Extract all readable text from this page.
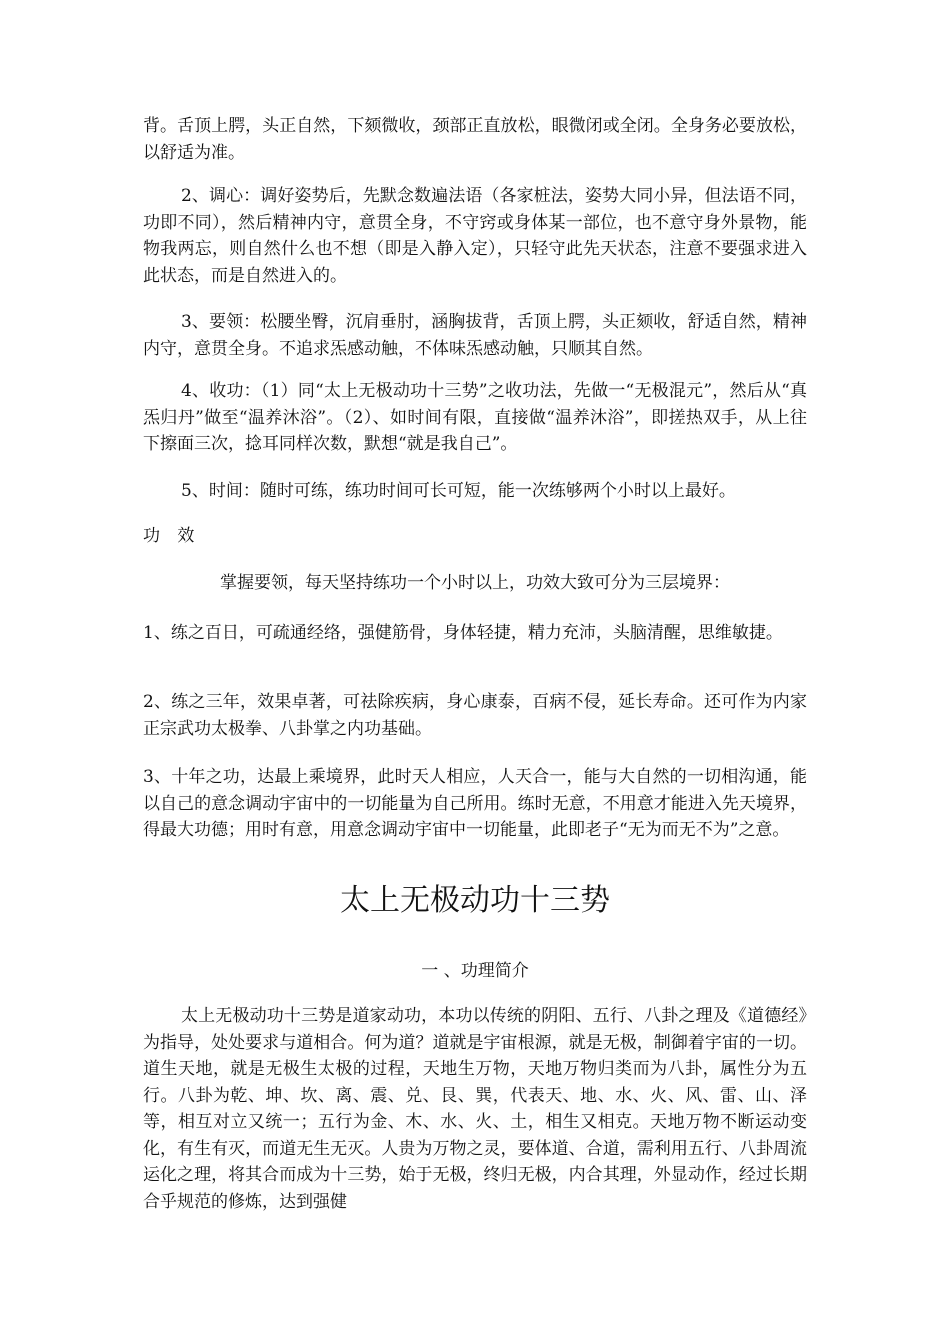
背。舌顶上腭，头正自然，下颏微收，颈部正直放松，眼微闭或全闭。全身务必要放松，以舒适为准。

2、调心：调好姿势后，先默念数遍法语（各家桩法，姿势大同小异，但法语不同，功即不同），然后精神内守，意贯全身，不守窍或身体某一部位，也不意守身外景物，能物我两忘，则自然什么也不想（即是入静入定），只轻守此先天状态，注意不要强求进入此状态，而是自然进入的。

3、要领：松腰坐臀，沉肩垂肘，涵胸拔背，舌顶上腭，头正颏收，舒适自然，精神内守，意贯全身。不追求炁感动触，不体味炁感动触，只顺其自然。

4、收功：（1）同“太上无极动功十三势”之收功法，先做一“无极混元”，然后从“真炁归丹”做至“温养沐浴”。（2）、如时间有限，直接做“温养沐浴”，即搓热双手，从上往下擦面三次，捻耳同样次数，默想“就是我自己”。

5、时间：随时可练，练功时间可长可短，能一次练够两个小时以上最好。

功 效

掌握要领，每天坚持练功一个小时以上，功效大致可分为三层境界：

1、练之百日，可疏通经络，强健筋骨，身体轻捷，精力充沛，头脑清醒，思维敏捷。

2、练之三年，效果卓著，可祛除疾病，身心康泰，百病不侵，延长寿命。还可作为内家正宗武功太极拳、八卦掌之内功基础。

3、十年之功，达最上乘境界，此时天人相应，人天合一，能与大自然的一切相沟通，能以自己的意念调动宇宙中的一切能量为自己所用。练时无意，不用意才能进入先天境界，得最大功德；用时有意，用意念调动宇宙中一切能量，此即老子“无为而无不为”之意。

太上无极动功十三势

一 、功理简介

太上无极动功十三势是道家动功，本功以传统的阴阳、五行、八卦之理及《道德经》为指导，处处要求与道相合。何为道？道就是宇宙根源，就是无极，制御着宇宙的一切。道生天地，就是无极生太极的过程，天地生万物，天地万物归类而为八卦，属性分为五行。八卦为乾、坤、坎、离、震、兑、艮、巽，代表天、地、水、火、风、雷、山、泽等，相互对立又统一；五行为金、木、水、火、土，相生又相克。天地万物不断运动变化，有生有灭，而道无生无灭。人贵为万物之灵，要体道、合道，需利用五行、八卦周流运化之理，将其合而成为十三势，始于无极，终归无极，内合其理，外显动作，经过长期合乎规范的修炼，达到强健
